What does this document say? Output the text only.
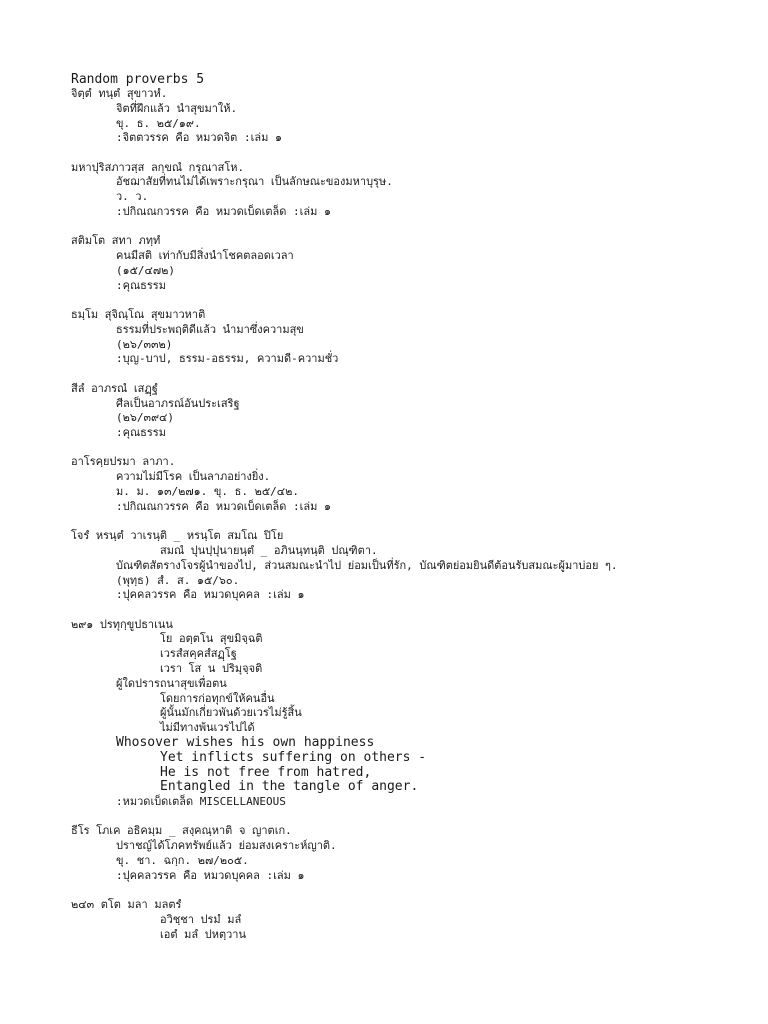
Random proverbs 5
จิตฺตํ ทนฺตํ สุขาวหํ.
จิตที่ฝึกแล้ว นำสุขมาให้.
ขุ. ธ. ๒๕/๑๙.
:จิตตวรรค คือ หมวดจิต :เล่ม ๑
มหาปุริสภาวสฺส ลกฺขณํ กรุณาสโห.
อัชฌาสัยที่ทนไม่ได้เพราะกรุณา เป็นลักษณะของมหาบุรุษ.
ว. ว.
:ปกิณณกวรรค คือ หมวดเบ็ดเตล็ด :เล่ม ๑
สติมโต สทา ภทฺทํ
คนมีสติ เท่ากับมีสิ่งนำโชคตลอดเวลา
(๑๕/๔๗๒)
:คุณธรรม
ธมฺโม สุจิณฺโณ สุขมาวหาติ
ธรรมที่ประพฤติดีแล้ว นำมาซึ่งความสุข
(๒๖/๓๓๒)
:บุญ-บาป, ธรรม-อธรรม, ความดี-ความชั่ว
สีลํ อาภรณํ เสฏฺฐํ
ศีลเป็นอาภรณ์อันประเสริฐ
(๒๖/๓๙๔)
:คุณธรรม
อาโรคฺยปรมา ลาภา.
ความไม่มีโรค เป็นลาภอย่างยิ่ง.
ม. ม. ๑๓/๒๗๑. ขุ. ธ. ๒๕/๔๒.
:ปกิณณกวรรค คือ หมวดเบ็ดเตล็ด :เล่ม ๑
โจรํ หรนฺตํ วาเรนฺติ _ หรนฺโต สมโณ ปิโย
สมณํ ปุนปฺปุนายนฺตํ _ อภินนฺทนฺติ ปณฺฑิตา.
บัณฑิตสัตรางโจรผู้นำของไป, ส่วนสมณะนำไป ย่อมเป็นที่รัก, บัณฑิตย่อมยินดีต้อนรับสมณะผู้มาบ่อย ๆ.
(พุทฺธ) สํ. ส. ๑๕/๖๐.
:ปุคคลวรรค คือ หมวดบุคคล :เล่ม ๑
๒๙๑ ปรทุกฺขูปธาเนน
โย อตฺตโน สุขมิจฺฉติ
เวรสํสคฺคสํสฏฺโฐ
เวรา โส น ปริมุจฺจติ
ผู้ใดปรารถนาสุขเพื่อตน
โดยการก่อทุกข์ให้คนอื่น
ผู้นั้นมักเกี่ยวพันด้วยเวรไม่รู้สิ้น
ไม่มีทางพ้นเวรไปได้
Whosover wishes his own happiness
Yet inflicts suffering on others -
He is not free from hatred,
Entangled in the tangle of anger.
:หมวดเบ็ดเตล็ด MISCELLANEOUS
ธีโร โภเค อธิคมฺม _ สงฺคณฺหาติ จ ญาตเก.
ปราชญ์ได้โภคทรัพย์แล้ว ย่อมสงเคราะห์ญาติ.
ขุ. ชา. ฉกฺก. ๒๗/๒๐๕.
:ปุคคลวรรค คือ หมวดบุคคล :เล่ม ๑
๒๔๓ ตโต มลา มลตรํ
อวิชฺชา ปรมํ มลํ
เอตํ มลํ ปหตฺวาน
